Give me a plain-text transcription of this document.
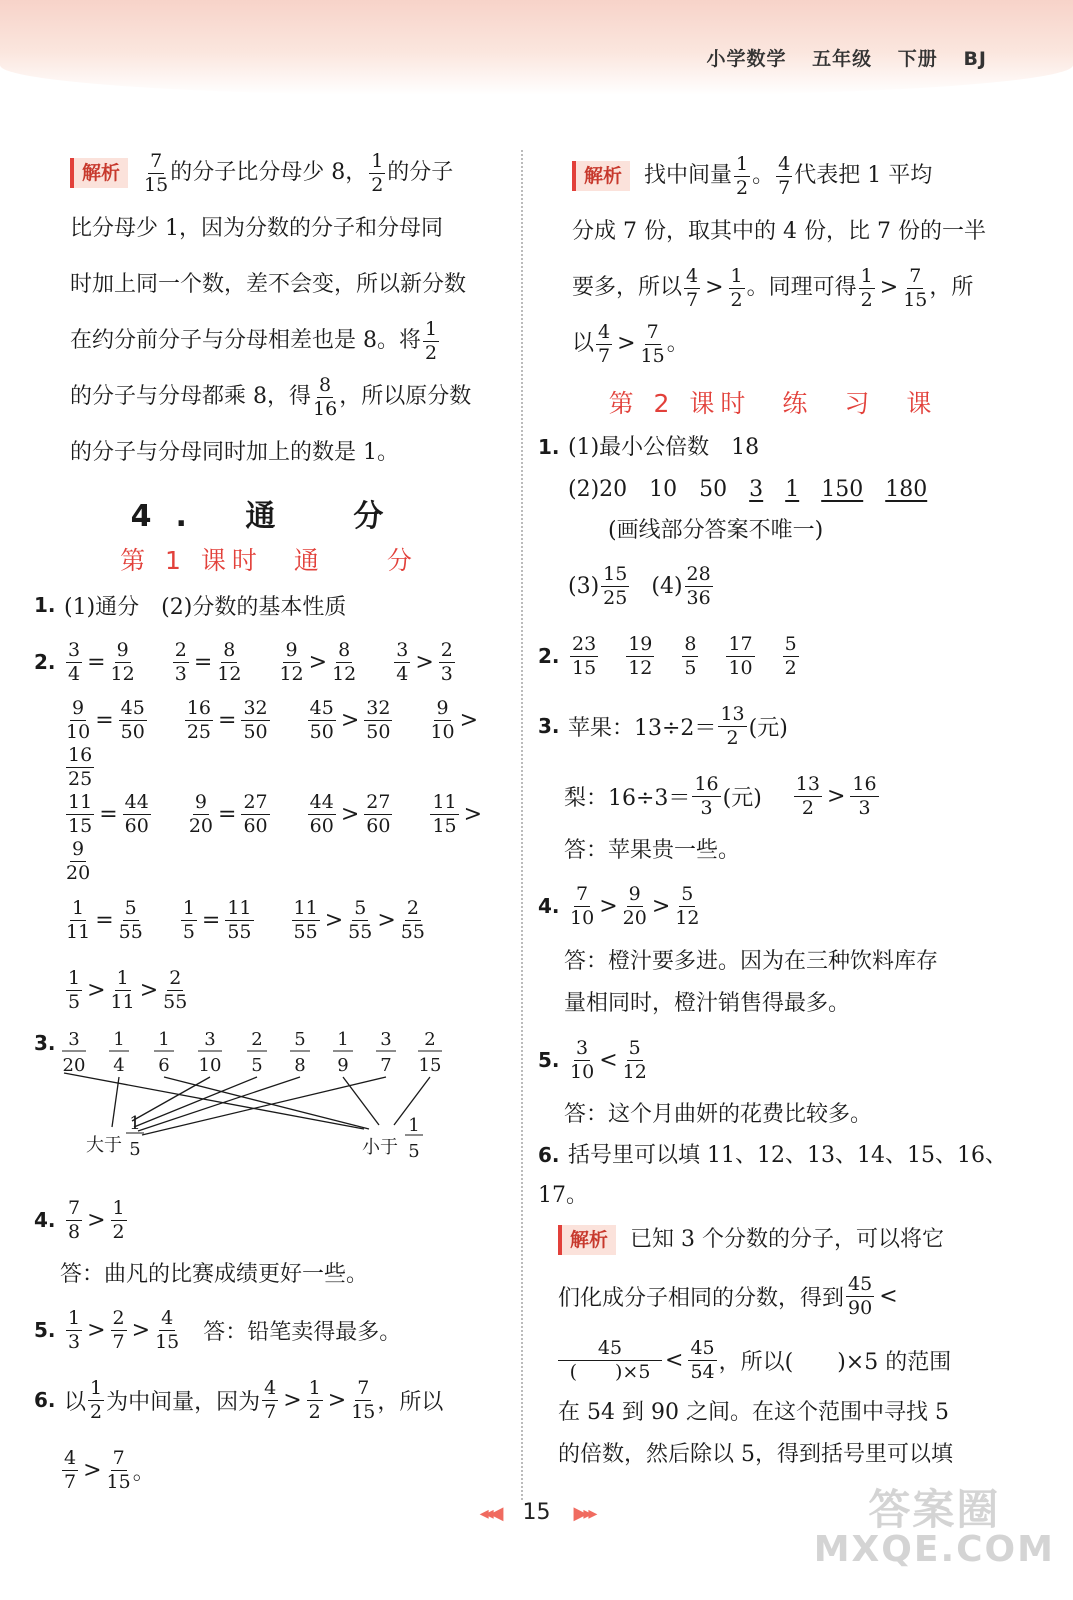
小学数学 五年级 下册 BJ
解析 $\frac{7}{15}$ 的分子比分母少 8， $\frac{1}{2}$ 的分子
比分母少 1，因为分数的分子和分母同
时加上同一个数，差不会变，所以新分数
在约分前分子与分母相差也是 8。将 $\frac{1}{2}$
的分子与分母都乘 8，得 $\frac{8}{16}$ ，所以原分数
的分子与分母同时加上的数是 1。
4. 通　分
第 1 课时　通　　分
1. (1)通分　(2)分数的基本性质
2. $\frac{3}{4} = \frac{9}{12} \frac{2}{3} = \frac{8}{12} \frac{9}{12} > \frac{8}{12} \frac{3}{4} > \frac{2}{3}$
$\frac{9}{10} = \frac{45}{50} \frac{16}{25} = \frac{32}{50} \frac{45}{50} > \frac{32}{50} \frac{9}{10}$ >
$\frac{16}{25}$
$\frac{11}{15} = \frac{44}{60} \frac{9}{20} = \frac{27}{60} \frac{44}{60} > \frac{27}{60} \frac{11}{15}$ >
$\frac{9}{20}$
$\frac{1}{11} = \frac{5}{55} \frac{1}{5} = \frac{11}{55} \frac{11}{55} > \frac{5}{55} > \frac{2}{55}$
$\frac{1}{5} > \frac{1}{11} > \frac{2}{55}$
3. 3
20
1
4
1
6
3
10
2
5
5
8
1
9
3
7
2
15
1
5
1
5
大于	小于
4. $\frac{7}{8} > \frac{1}{2}$
答：曲凡的比赛成绩更好一些。
5. $\frac{1}{3} > \frac{2}{7} > \frac{4}{15}$ 答：铅笔卖得最多。
6. 以 $\frac{1}{2}$ 为中间量，因为 $\frac{4}{7} > \frac{1}{2} > \frac{7}{15}$ ，所以
$\frac{4}{7} > \frac{7}{15}$ 。
解析 找中间量 $\frac{1}{2}$ 。 $\frac{4}{7}$ 代表把 1 平均
分成 7 份，取其中的 4 份，比 7 份的一半
要多，所以 $\frac{4}{7} > \frac{1}{2}$ 。同理可得 $\frac{1}{2} > \frac{7}{15}$ ，所
以 $\frac{4}{7} > \frac{7}{15}$ 。
第 2 课时　练　习　课
1. (1)最小公倍数　18
(2)20　10　50　 3　 1　 150　 180
(画线部分答案不唯一)
$(3) \frac{15}{25} (4) \frac{28}{36}$
2. $\frac{23}{15} \frac{19}{12} \frac{8}{5} \frac{17}{10} \frac{5}{2}$
3. 苹果：$13\div 2= \frac{13}{2}$ (元)
梨：$16\div 3= \frac{16}{3}$ (元) $\frac{13}{2} > \frac{16}{3}$
答：苹果贵一些。
4. $\frac{7}{10} > \frac{9}{20} > \frac{5}{12}$
答：橙汁要多进。因为在三种饮料库存
量相同时，橙汁销售得最多。
5. $\frac{3}{10} < \frac{5}{12}$
答：这个月曲妍的花费比较多。
6. 括号里可以填 11、12、13、14、15、16、17。
解析 已知 3 个分数的分子，可以将它
们化成分子相同的分数，得到 $\frac{45}{90}$ <
$\frac{45}{( )\times 5} < \frac{45}{54}$ ，所以(　　)×5 的范围
在 54 到 90 之间。在这个范围中寻找 5
的倍数，然后除以 5，得到括号里可以填
◂◂◀ 15 ▶▸▸	答案圈
MXQE.COM
